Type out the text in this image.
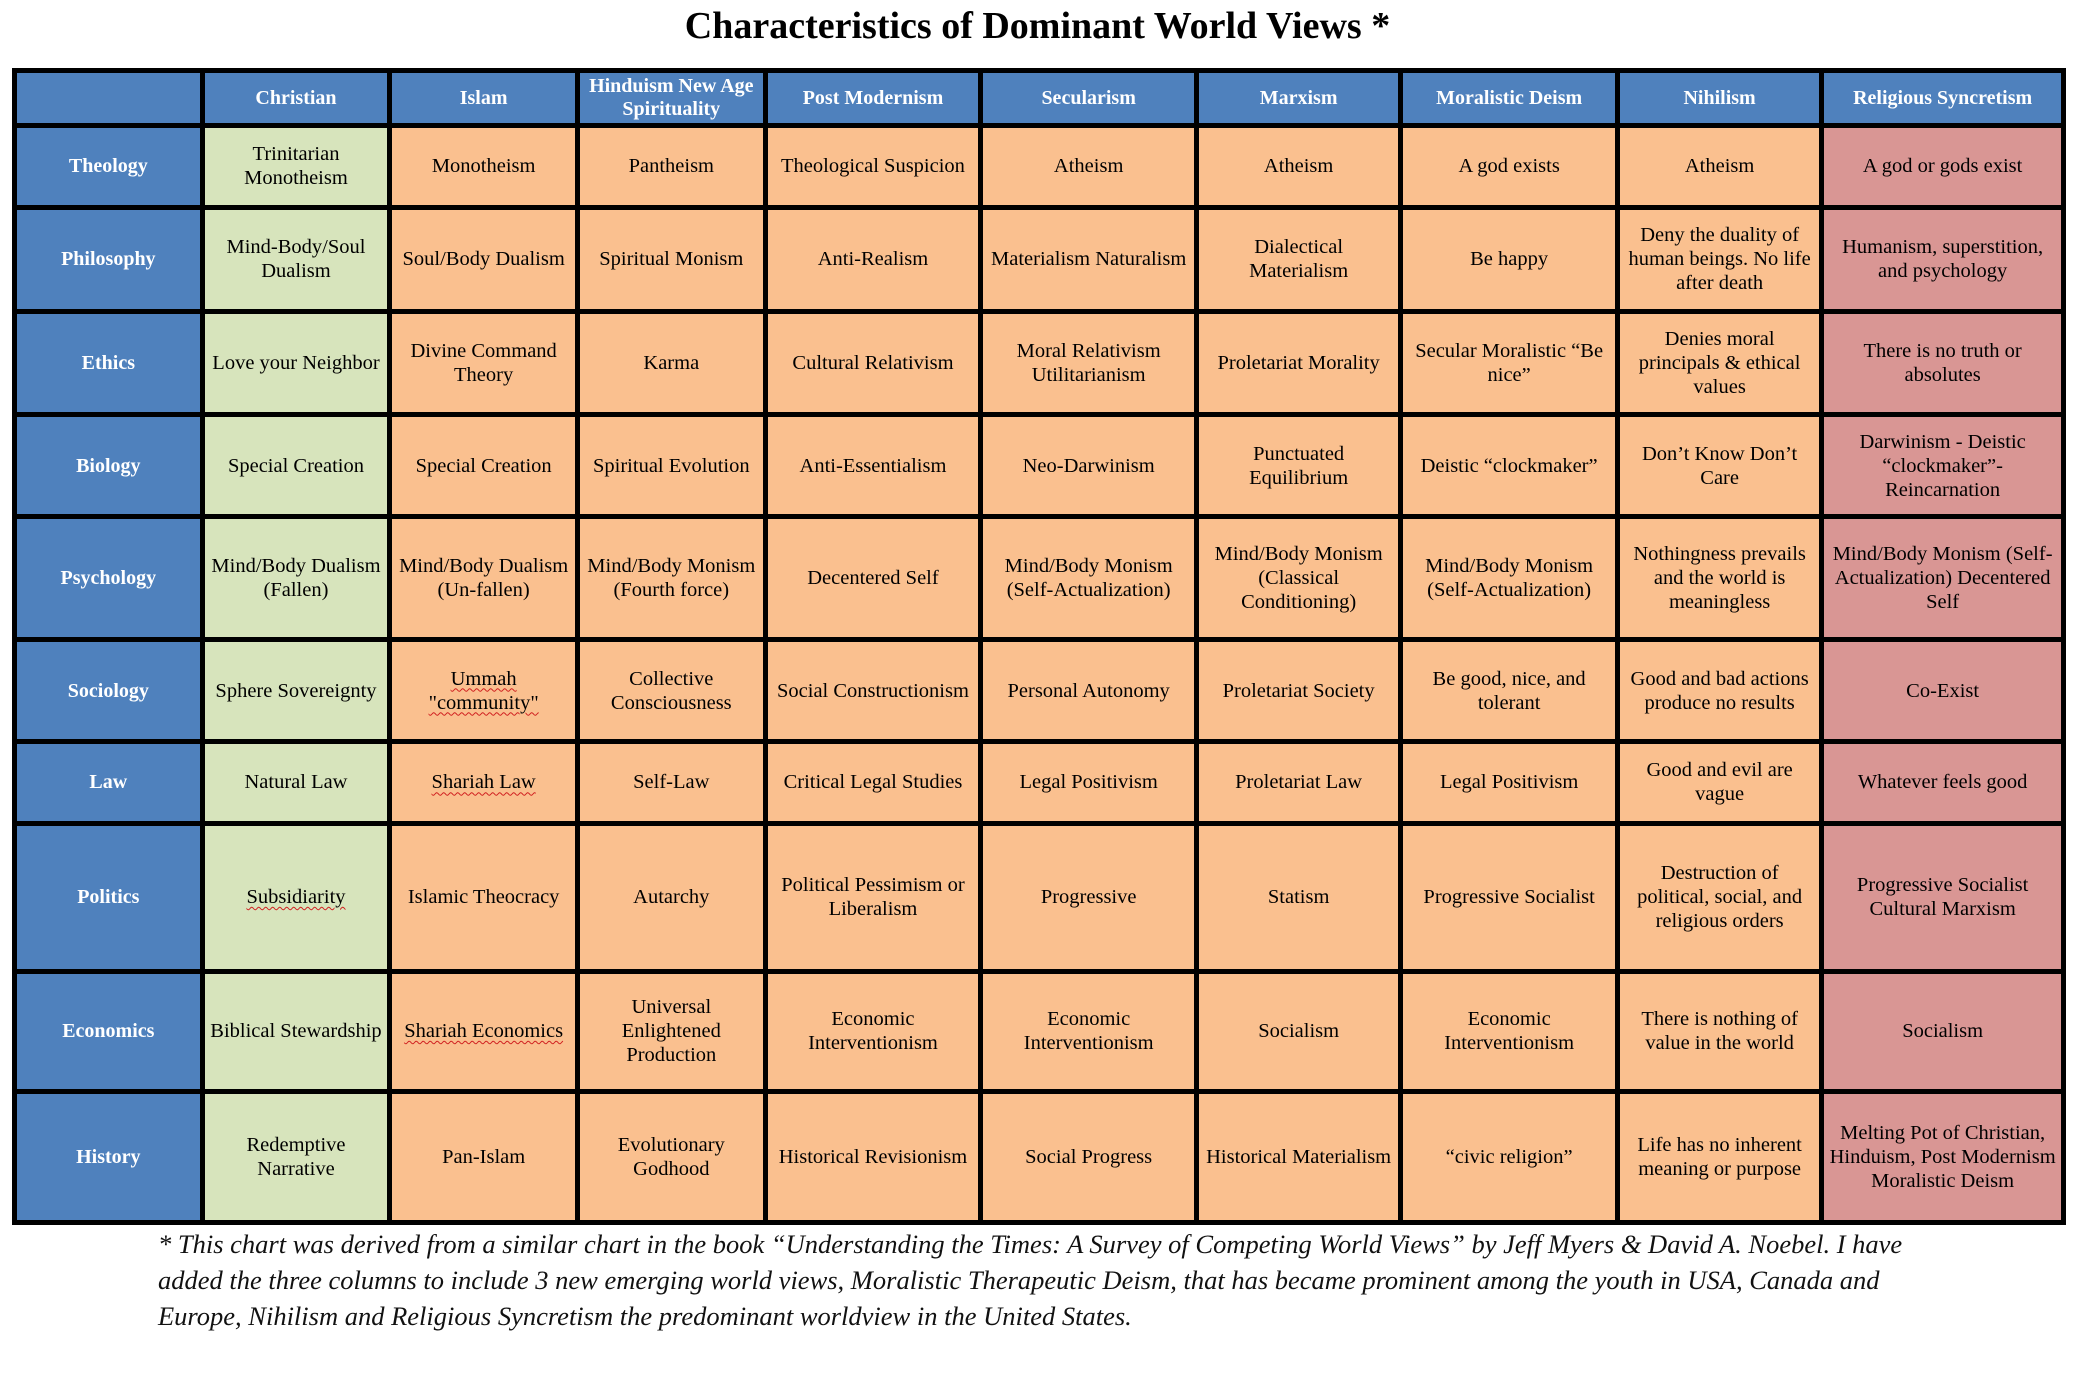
Characteristics of Dominant World Views *
	Christian	Islam	Hinduism New Age Spirituality	Post Modernism	Secularism	Marxism	Moralistic Deism	Nihilism	Religious Syncretism
Theology	Trinitarian Monotheism	Monotheism	Pantheism	Theological Suspicion	Atheism	Atheism	A god exists	Atheism	A god or gods exist
Philosophy	Mind-Body/Soul Dualism	Soul/Body Dualism	Spiritual Monism	Anti-Realism	Materialism Naturalism	Dialectical Materialism	Be happy	Deny the duality of human beings. No life after death	Humanism, superstition, and psychology
Ethics	Love your Neighbor	Divine Command Theory	Karma	Cultural Relativism	Moral Relativism Utilitarianism	Proletariat Morality	Secular Moralistic “Be nice”	Denies moral principals & ethical values	There is no truth or absolutes
Biology	Special Creation	Special Creation	Spiritual Evolution	Anti-Essentialism	Neo-Darwinism	Punctuated Equilibrium	Deistic “clockmaker”	Don’t Know Don’t Care	Darwinism - Deistic “clockmaker”- Reincarnation
Psychology	Mind/Body Dualism (Fallen)	Mind/Body Dualism (Un-fallen)	Mind/Body Monism (Fourth force)	Decentered Self	Mind/Body Monism (Self-Actualization)	Mind/Body Monism (Classical Conditioning)	Mind/Body Monism (Self-Actualization)	Nothingness prevails and the world is meaningless	Mind/Body Monism (Self-Actualization) Decentered Self
Sociology	Sphere Sovereignty	Ummah "community"	Collective Consciousness	Social Constructionism	Personal Autonomy	Proletariat Society	Be good, nice, and tolerant	Good and bad actions produce no results	Co-Exist
Law	Natural Law	Shariah Law	Self-Law	Critical Legal Studies	Legal Positivism	Proletariat Law	Legal Positivism	Good and evil are vague	Whatever feels good
Politics	Subsidiarity	Islamic Theocracy	Autarchy	Political Pessimism or Liberalism	Progressive	Statism	Progressive Socialist	Destruction of political, social, and religious orders	Progressive Socialist Cultural Marxism
Economics	Biblical Stewardship	Shariah Economics	Universal Enlightened Production	Economic Interventionism	Economic Interventionism	Socialism	Economic Interventionism	There is nothing of value in the world	Socialism
History	Redemptive Narrative	Pan-Islam	Evolutionary Godhood	Historical Revisionism	Social Progress	Historical Materialism	“civic religion”	Life has no inherent meaning or purpose	Melting Pot of Christian, Hinduism, Post Modernism Moralistic Deism
* This chart was derived from a similar chart in the book “Understanding the Times: A Survey of Competing World Views” by Jeff Myers & David A. Noebel. I have added the three columns to include 3 new emerging world views, Moralistic Therapeutic Deism, that has became prominent among the youth in USA, Canada and Europe, Nihilism and Religious Syncretism the predominant worldview in the United States.
